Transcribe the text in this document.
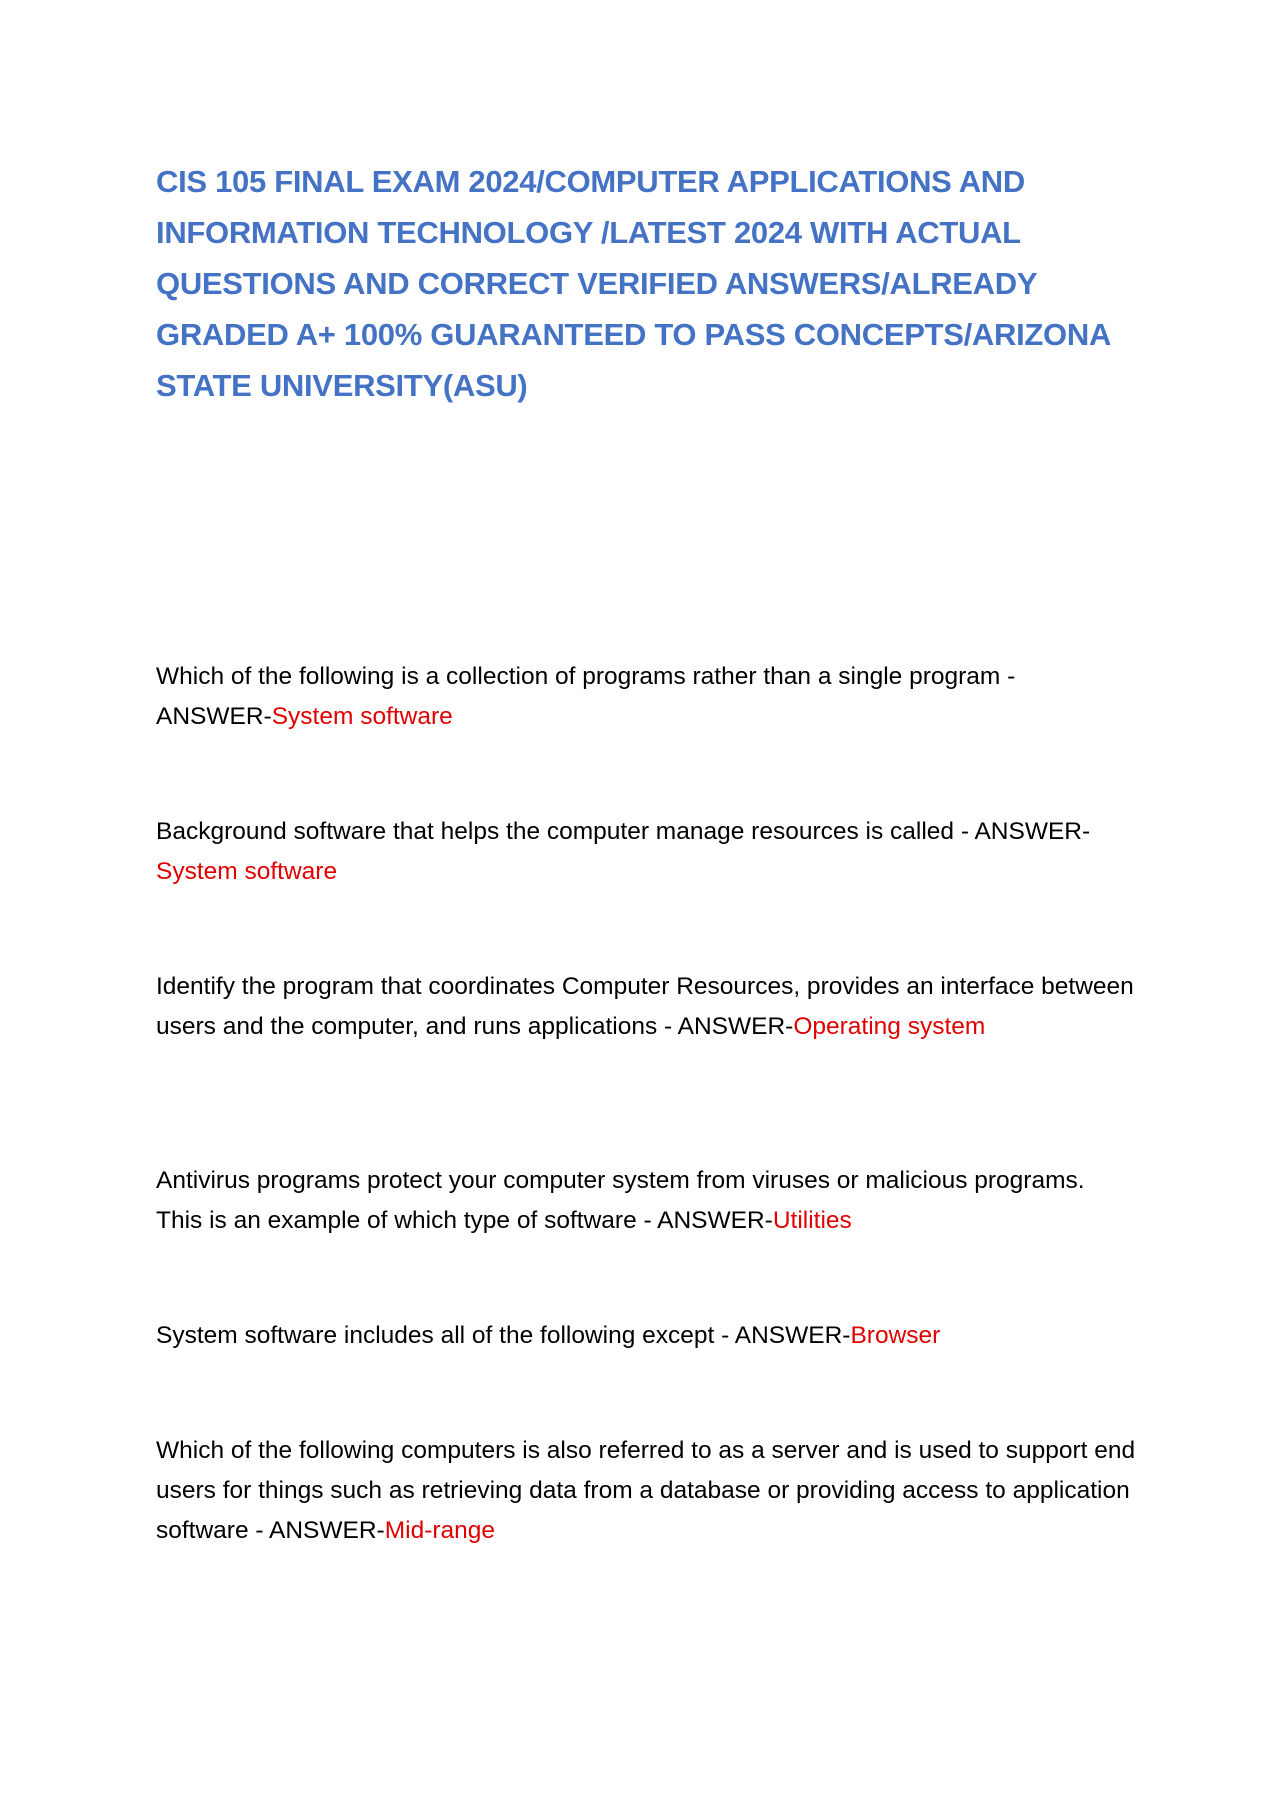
CIS 105 FINAL EXAM 2024/COMPUTER APPLICATIONS AND INFORMATION TECHNOLOGY /LATEST 2024 WITH ACTUAL QUESTIONS AND CORRECT VERIFIED ANSWERS/ALREADY GRADED A+ 100% GUARANTEED TO PASS CONCEPTS/ARIZONA STATE UNIVERSITY(ASU)

Which of the following is a collection of programs rather than a single program - ANSWER-System software

Background software that helps the computer manage resources is called - ANSWER-System software

Identify the program that coordinates Computer Resources, provides an interface between users and the computer, and runs applications - ANSWER-Operating system

Antivirus programs protect your computer system from viruses or malicious programs. This is an example of which type of software - ANSWER-Utilities

System software includes all of the following except - ANSWER-Browser

Which of the following computers is also referred to as a server and is used to support end users for things such as retrieving data from a database or providing access to application software - ANSWER-Mid-range
